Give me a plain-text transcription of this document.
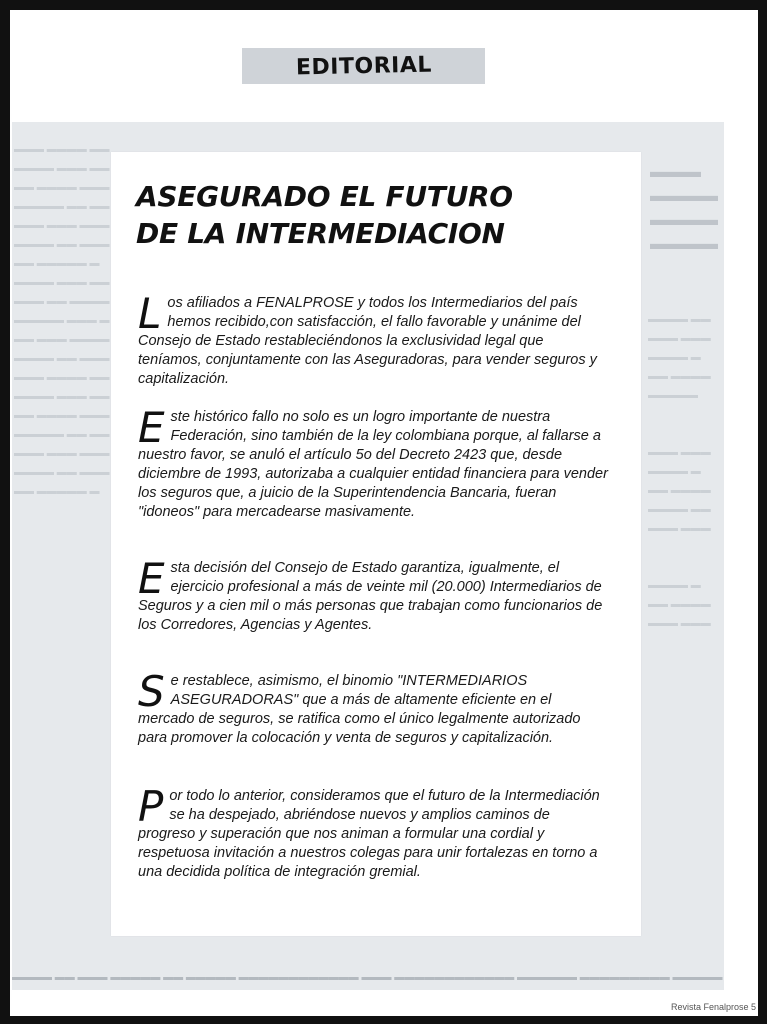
EDITORIAL
▬▬▬
▬▬▬▬
▬▬▬▬
▬▬▬▬
▬▬▬ ▬▬▬▬ ▬▬
▬▬▬▬ ▬▬▬ ▬▬
▬▬ ▬▬▬▬ ▬▬▬
▬▬▬▬▬ ▬▬ ▬▬
▬▬▬ ▬▬▬ ▬▬▬
▬▬▬▬ ▬▬ ▬▬▬
▬▬ ▬▬▬▬▬ ▬
▬▬▬▬ ▬▬▬ ▬▬
▬▬▬ ▬▬ ▬▬▬▬
▬▬▬▬▬ ▬▬▬ ▬
▬▬ ▬▬▬ ▬▬▬▬
▬▬▬▬ ▬▬ ▬▬▬
▬▬▬ ▬▬▬▬ ▬▬
▬▬▬▬ ▬▬▬ ▬▬
▬▬ ▬▬▬▬ ▬▬▬
▬▬▬▬▬ ▬▬ ▬▬
▬▬▬ ▬▬▬ ▬▬▬
▬▬▬▬ ▬▬ ▬▬▬
▬▬ ▬▬▬▬▬ ▬
▬▬▬▬ ▬▬
▬▬▬ ▬▬▬
▬▬▬▬ ▬
▬▬ ▬▬▬▬
▬▬▬▬▬

▬▬▬ ▬▬▬
▬▬▬▬ ▬
▬▬ ▬▬▬▬
▬▬▬▬ ▬▬
▬▬▬ ▬▬▬

▬▬▬▬ ▬
▬▬ ▬▬▬▬
▬▬▬ ▬▬▬
▬▬▬▬ ▬▬ ▬▬▬ ▬▬▬▬▬ ▬▬ ▬▬▬▬▬ ▬▬▬▬▬▬▬▬▬▬▬▬ ▬▬▬ ▬▬▬▬▬▬▬▬▬▬▬▬ ▬▬▬▬▬▬ ▬▬▬▬▬▬▬▬▬ ▬▬▬▬▬
ASEGURADO EL FUTURO
DE LA INTERMEDIACION

Los afiliados a FENALPROSE y todos los Intermediarios del país hemos recibido,con satisfacción, el fallo favorable y unánime del Consejo de Estado restableciéndonos la exclusividad legal que teníamos, conjuntamente con las Aseguradoras, para vender seguros y capitalización.

Este histórico fallo no solo es un logro importante de nuestra Federación, sino también de la ley colombiana porque, al fallarse a nuestro favor, se anuló el artículo 5o del Decreto 2423 que, desde diciembre de 1993, autorizaba a cualquier entidad financiera para vender los seguros que, a juicio de la Superintendencia Bancaria, fueran "idoneos" para mercadearse masivamente.

Esta decisión del Consejo de Estado garantiza, igualmente, el ejercicio profesional a más de veinte mil (20.000) Intermediarios de Seguros y a cien mil o más personas que trabajan como funcionarios de los Corredores, Agencias y Agentes.

Se restablece, asimismo, el binomio "INTERMEDIARIOS ASEGURADORAS" que a más de altamente eficiente en el mercado de seguros, se ratifica como el único legalmente autorizado para promover la colocación y venta de seguros y capitalización.

Por todo lo anterior, consideramos que el futuro de la Intermediación se ha despejado, abriéndose nuevos y amplios caminos de progreso y superación que nos animan a formular una cordial y respetuosa invitación a nuestros colegas para unir fortalezas en torno a una decidida política de integración gremial.

Revista Fenalprose 5
